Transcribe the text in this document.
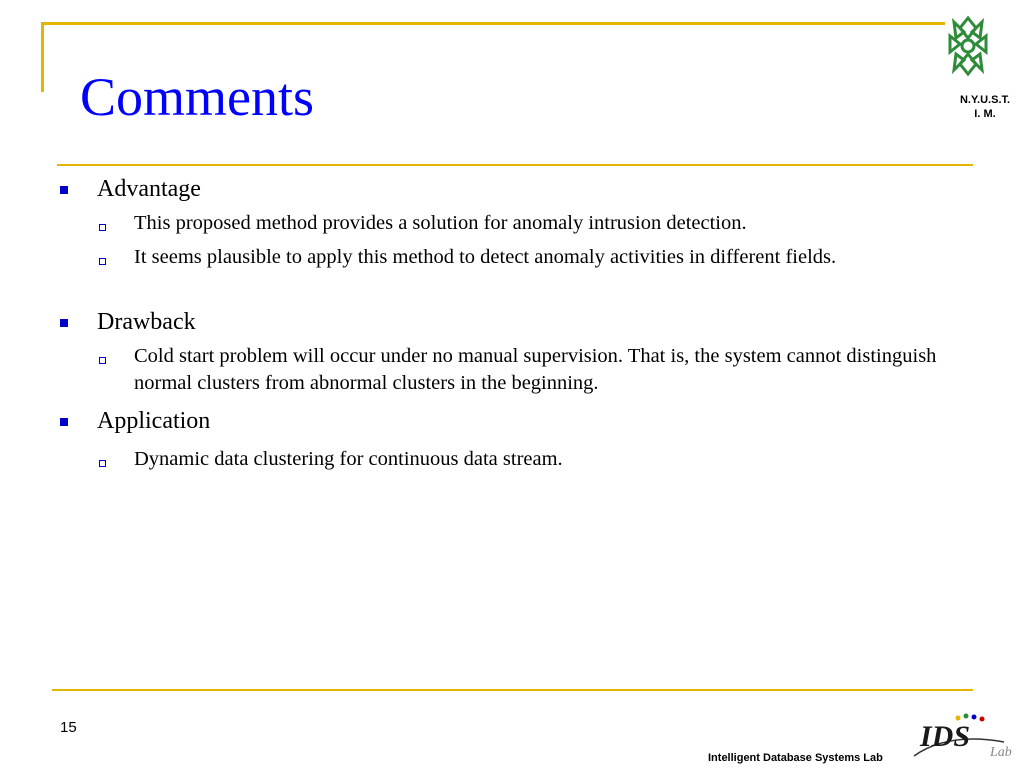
Comments	N.Y.U.S.T.
I. M.
Advantage
This proposed method provides a solution for anomaly intrusion detection.
It seems plausible to apply this method to detect anomaly activities in different fields.
Drawback
Cold start problem will occur under no manual supervision. That is, the system cannot distinguish normal clusters from abnormal clusters in the beginning.
Application
Dynamic data clustering for continuous data stream.
15
Intelligent Database Systems Lab
IDS Lab
